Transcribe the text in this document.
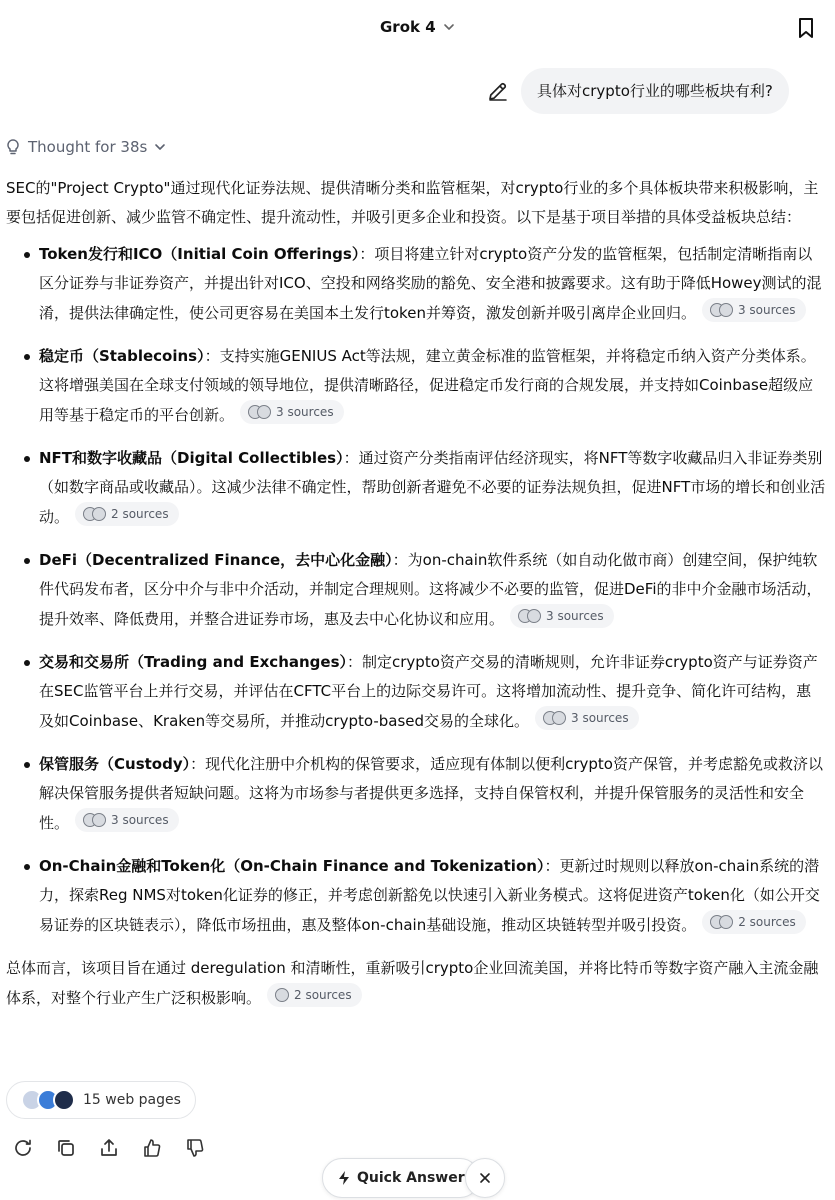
Grok 4
具体对crypto行业的哪些板块有利?
Thought for 38s

SEC的"Project Crypto"通过现代化证券法规、提供清晰分类和监管框架，对crypto行业的多个具体板块带来积极影响，主要包括促进创新、减少监管不确定性、提升流动性，并吸引更多企业和投资。以下是基于项目举措的具体受益板块总结：

Token发行和ICO（Initial Coin Offerings）：项目将建立针对crypto资产分发的监管框架，包括制定清晰指南以区分证券与非证券资产，并提出针对ICO、空投和网络奖励的豁免、安全港和披露要求。这有助于降低Howey测试的混淆，提供法律确定性，使公司更容易在美国本土发行token并筹资，激发创新并吸引离岸企业回归。	3 sources
稳定币（Stablecoins）：支持实施GENIUS Act等法规，建立黄金标准的监管框架，并将稳定币纳入资产分类体系。这将增强美国在全球支付领域的领导地位，提供清晰路径，促进稳定币发行商的合规发展，并支持如Coinbase超级应用等基于稳定币的平台创新。	3 sources
NFT和数字收藏品（Digital Collectibles）：通过资产分类指南评估经济现实，将NFT等数字收藏品归入非证券类别（如数字商品或收藏品）。这减少法律不确定性，帮助创新者避免不必要的证券法规负担，促进NFT市场的增长和创业活动。	2 sources
DeFi（Decentralized Finance，去中心化金融）：为on-chain软件系统（如自动化做市商）创建空间，保护纯软件代码发布者，区分中介与非中介活动，并制定合理规则。这将减少不必要的监管，促进DeFi的非中介金融市场活动，提升效率、降低费用，并整合进证券市场，惠及去中心化协议和应用。	3 sources
交易和交易所（Trading and Exchanges）：制定crypto资产交易的清晰规则，允许非证券crypto资产与证券资产在SEC监管平台上并行交易，并评估在CFTC平台上的边际交易许可。这将增加流动性、提升竞争、简化许可结构，惠及如Coinbase、Kraken等交易所，并推动crypto-based交易的全球化。	3 sources
保管服务（Custody）：现代化注册中介机构的保管要求，适应现有体制以便利crypto资产保管，并考虑豁免或救济以解决保管服务提供者短缺问题。这将为市场参与者提供更多选择，支持自保管权利，并提升保管服务的灵活性和安全性。	3 sources
On-Chain金融和Token化（On-Chain Finance and Tokenization）：更新过时规则以释放on-chain系统的潜力，探索Reg NMS对token化证券的修正，并考虑创新豁免以快速引入新业务模式。这将促进资产token化（如公开交易证券的区块链表示），降低市场扭曲，惠及整体on-chain基础设施，推动区块链转型并吸引投资。	2 sources

总体而言，该项目旨在通过 deregulation 和清晰性，重新吸引crypto企业回流美国，并将比特币等数字资产融入主流金融体系，对整个行业产生广泛积极影响。	2 sources

15 web pages
Quick Answer
